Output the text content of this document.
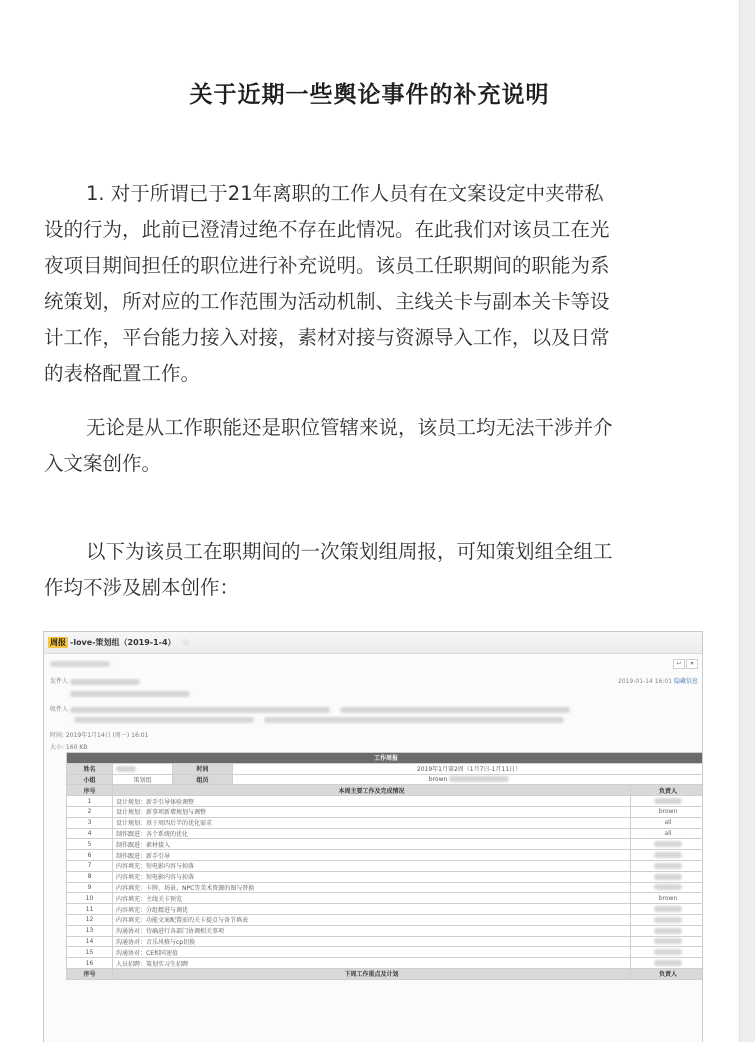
关于近期一些舆论事件的补充说明
1. 对于所谓已于21年离职的工作人员有在文案设定中夹带私
设的行为，此前已澄清过绝不存在此情况。在此我们对该员工在光
夜项目期间担任的职位进行补充说明。该员工任职期间的职能为系
统策划，所对应的工作范围为活动机制、主线关卡与副本关卡等设
计工作，平台能力接入对接，素材对接与资源导入工作，以及日常
的表格配置工作。
无论是从工作职能还是职位管辖来说，该员工均无法干涉并介
入文案创作。
以下为该员工在职期间的一次策划组周报，可知策划组全组工
作均不涉及剧本创作：
周报 -love-策划组（2019-1-4） ☆
↩	▾
发件人	2019-01-14 16:01 隐藏信息
收件人

时间: 2019年1月14日 (周一) 16:01
大小: 160 KB
工作周报				
姓名		时间	2019年1月第2周（1月7日-1月11日）	
小组	策划组	组员	brown	
序号	本周主要工作及完成情况			负责人
1	设计规划：新手引导体验调整			
2	设计规划：新事项新增规划与调整			brown
3	设计规划：基于周四后半的优化需求			all
4	制作跟进：各个系统的优化			all
5	制作跟进：素材接入			
6	制作跟进：新手引导			
7	内容填充：短电影内容与掉落			
8	内容填充：短电影内容与掉落			
9	内容填充：卡牌、场景、NPC等美术资源的图与替换			
10	内容填充：主线关卡预览			brown
11	内容填充：分组精进与调优			
12	内容填充：功能文案配置前的关卡提点与备节填表			
13	沟通协对：待确进行各部门协调相关事项			
14	沟通协对：音乐风格与cp切换			
15	沟通协对：CE相同速值			
16	人员招聘：策划实习生招聘			
序号	下周工作重点及计划			负责人
